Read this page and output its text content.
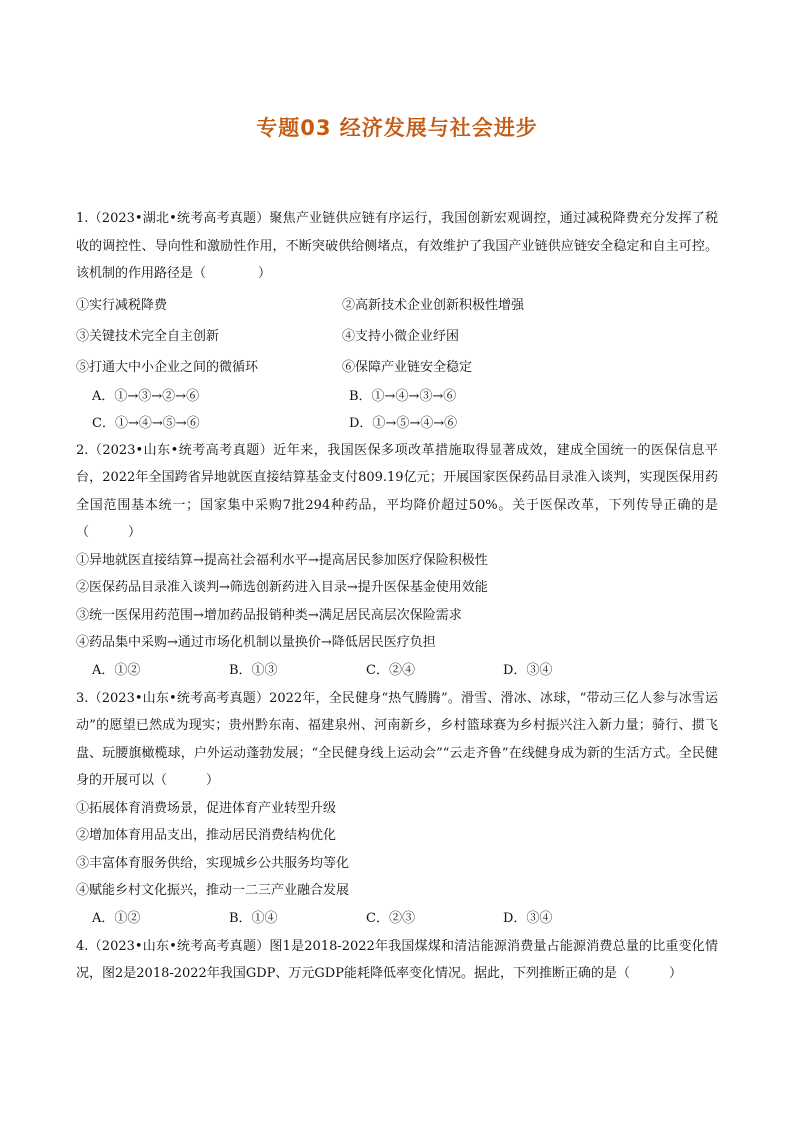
专题03 经济发展与社会进步

1.（2023•湖北•统考高考真题）聚焦产业链供应链有序运行，我国创新宏观调控，通过减税降费充分发挥了税收的调控性、导向性和激励性作用，不断突破供给侧堵点，有效维护了我国产业链供应链安全稳定和自主可控。该机制的作用路径是（　　　　）

①实行减税降费	②高新技术企业创新积极性增强
③关键技术完全自主创新	④支持小微企业纾困
⑤打通大中小企业之间的微循环	⑥保障产业链安全稳定
A．①→③→②→⑥	B．①→④→③→⑥
C．①→④→⑤→⑥	D．①→⑤→④→⑥

2.（2023•山东•统考高考真题）近年来，我国医保多项改革措施取得显著成效，建成全国统一的医保信息平台，2022年全国跨省异地就医直接结算基金支付809.19亿元；开展国家医保药品目录准入谈判，实现医保用药全国范围基本统一；国家集中采购7批294种药品，平均降价超过50%。关于医保改革，下列传导正确的是（　　　）

①异地就医直接结算→提高社会福利水平→提高居民参加医疗保险积极性

②医保药品目录准入谈判→筛选创新药进入目录→提升医保基金使用效能

③统一医保用药范围→增加药品报销种类→满足居民高层次保险需求

④药品集中采购→通过市场化机制以量换价→降低居民医疗负担

A．①②	B．①③	C．②④	D．③④

3.（2023•山东•统考高考真题）2022年，全民健身“热气腾腾”。滑雪、滑冰、冰球，“带动三亿人参与冰雪运动”的愿望已然成为现实；贵州黔东南、福建泉州、河南新乡，乡村篮球赛为乡村振兴注入新力量；骑行、掼飞盘、玩腰旗橄榄球，户外运动蓬勃发展；“全民健身线上运动会”“云走齐鲁”在线健身成为新的生活方式。全民健身的开展可以（　　　）

①拓展体育消费场景，促进体育产业转型升级

②增加体育用品支出，推动居民消费结构优化

③丰富体育服务供给，实现城乡公共服务均等化

④赋能乡村文化振兴，推动一二三产业融合发展

A．①②	B．①④	C．②③	D．③④

4.（2023•山东•统考高考真题）图1是2018-2022年我国煤煤和清洁能源消费量占能源消费总量的比重变化情况，图2是2018-2022年我国GDP、万元GDP能耗降低率变化情况。据此，下列推断正确的是（　　　）
